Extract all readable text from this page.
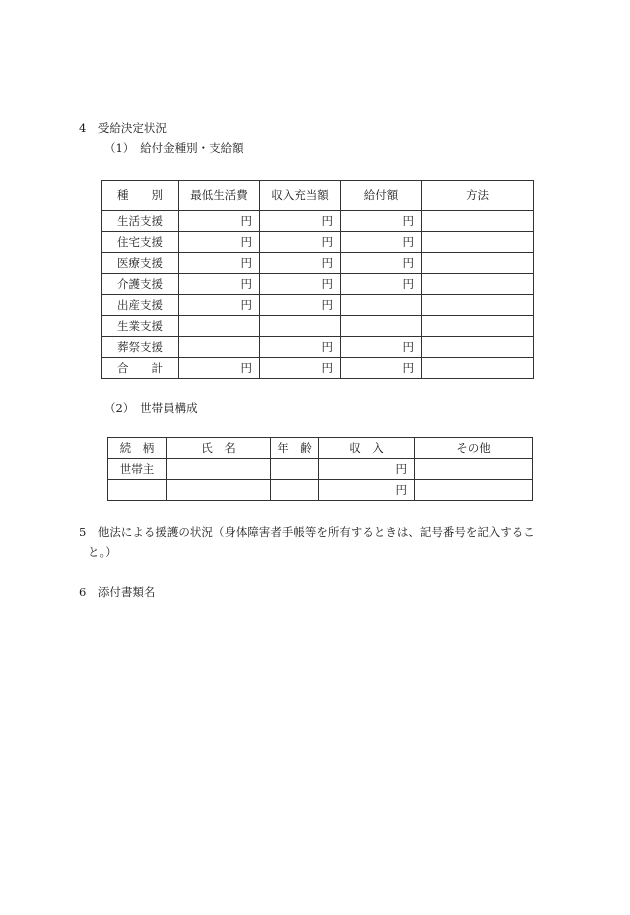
4　受給決定状況
（1）　給付金種別・支給額
種　　別	最低生活費	収入充当額	給付額	方法
生活支援	円	円	円	
住宅支援	円	円	円	
医療支援	円	円	円	
介護支援	円	円	円	
出産支援	円	円		
生業支援				
葬祭支援		円	円	
合　　計	円	円	円	
（2）　世帯員構成
続　柄	氏　名	年　齢	収　入	その他
世帯主			円	
			円	
5　他法による援護の状況（身体障害者手帳等を所有するときは、記号番号を記入するこ
と。）
6　添付書類名
